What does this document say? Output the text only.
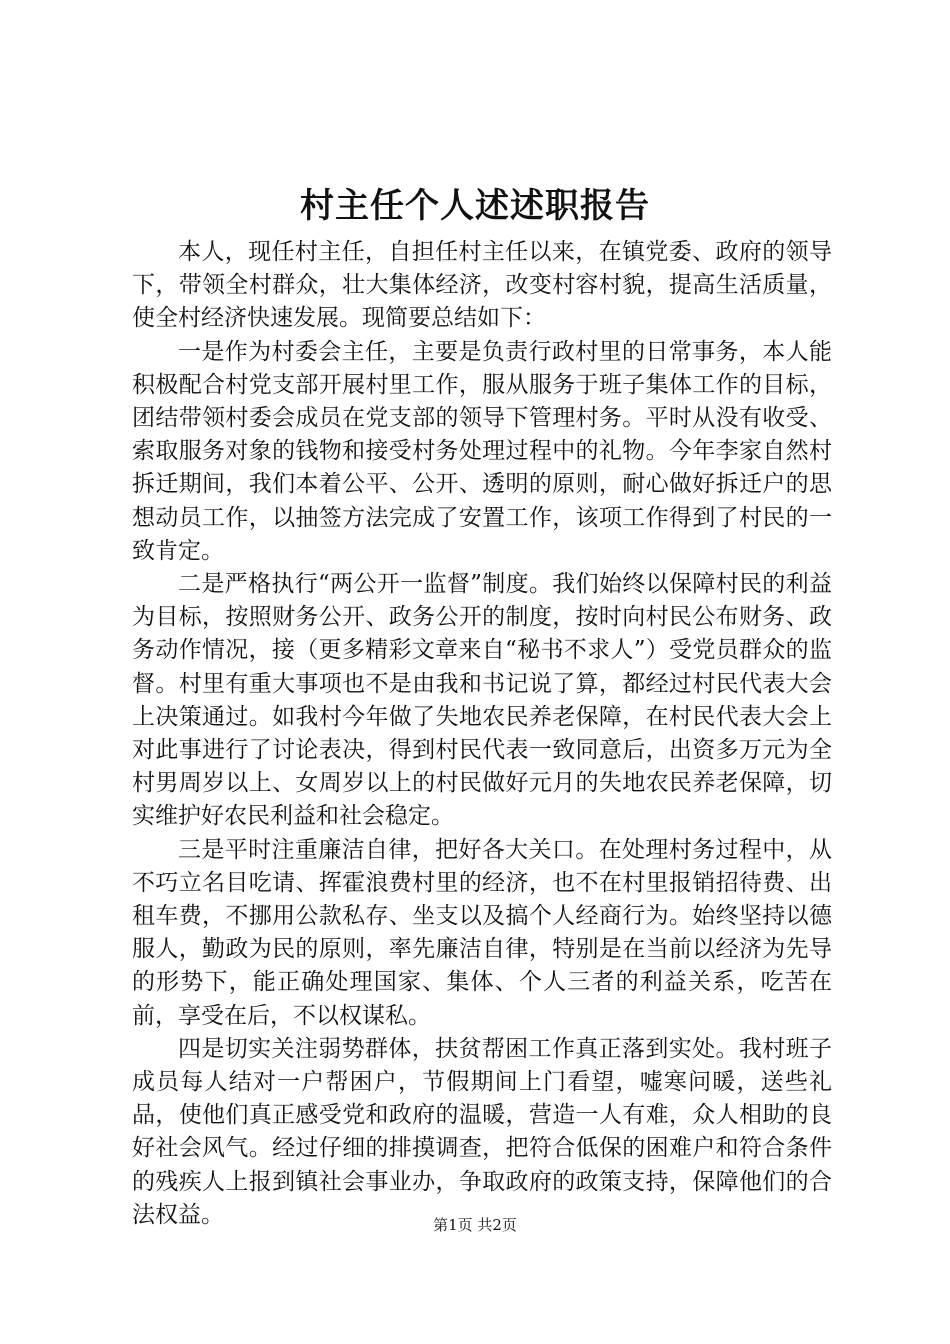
村主任个人述述职报告

本人，现任村主任，自担任村主任以来，在镇党委、政府的领导下，带领全村群众，壮大集体经济，改变村容村貌，提高生活质量，使全村经济快速发展。现简要总结如下：

一是作为村委会主任，主要是负责行政村里的日常事务，本人能积极配合村党支部开展村里工作，服从服务于班子集体工作的目标，团结带领村委会成员在党支部的领导下管理村务。平时从没有收受、索取服务对象的钱物和接受村务处理过程中的礼物。今年李家自然村拆迁期间，我们本着公平、公开、透明的原则，耐心做好拆迁户的思想动员工作，以抽签方法完成了安置工作，该项工作得到了村民的一致肯定。

二是严格执行“两公开一监督”制度。我们始终以保障村民的利益为目标，按照财务公开、政务公开的制度，按时向村民公布财务、政务动作情况，接（更多精彩文章来自“秘书不求人”）受党员群众的监督。村里有重大事项也不是由我和书记说了算，都经过村民代表大会上决策通过。如我村今年做了失地农民养老保障，在村民代表大会上对此事进行了讨论表决，得到村民代表一致同意后，出资多万元为全村男周岁以上、女周岁以上的村民做好元月的失地农民养老保障，切实维护好农民利益和社会稳定。

三是平时注重廉洁自律，把好各大关口。在处理村务过程中，从不巧立名目吃请、挥霍浪费村里的经济，也不在村里报销招待费、出租车费，不挪用公款私存、坐支以及搞个人经商行为。始终坚持以德服人，勤政为民的原则，率先廉洁自律，特别是在当前以经济为先导的形势下，能正确处理国家、集体、个人三者的利益关系，吃苦在前，享受在后，不以权谋私。

四是切实关注弱势群体，扶贫帮困工作真正落到实处。我村班子成员每人结对一户帮困户，节假期间上门看望，嘘寒问暖，送些礼品，使他们真正感受党和政府的温暖，营造一人有难，众人相助的良好社会风气。经过仔细的排摸调查，把符合低保的困难户和符合条件的残疾人上报到镇社会事业办，争取政府的政策支持，保障他们的合法权益。	第1页 共2页
